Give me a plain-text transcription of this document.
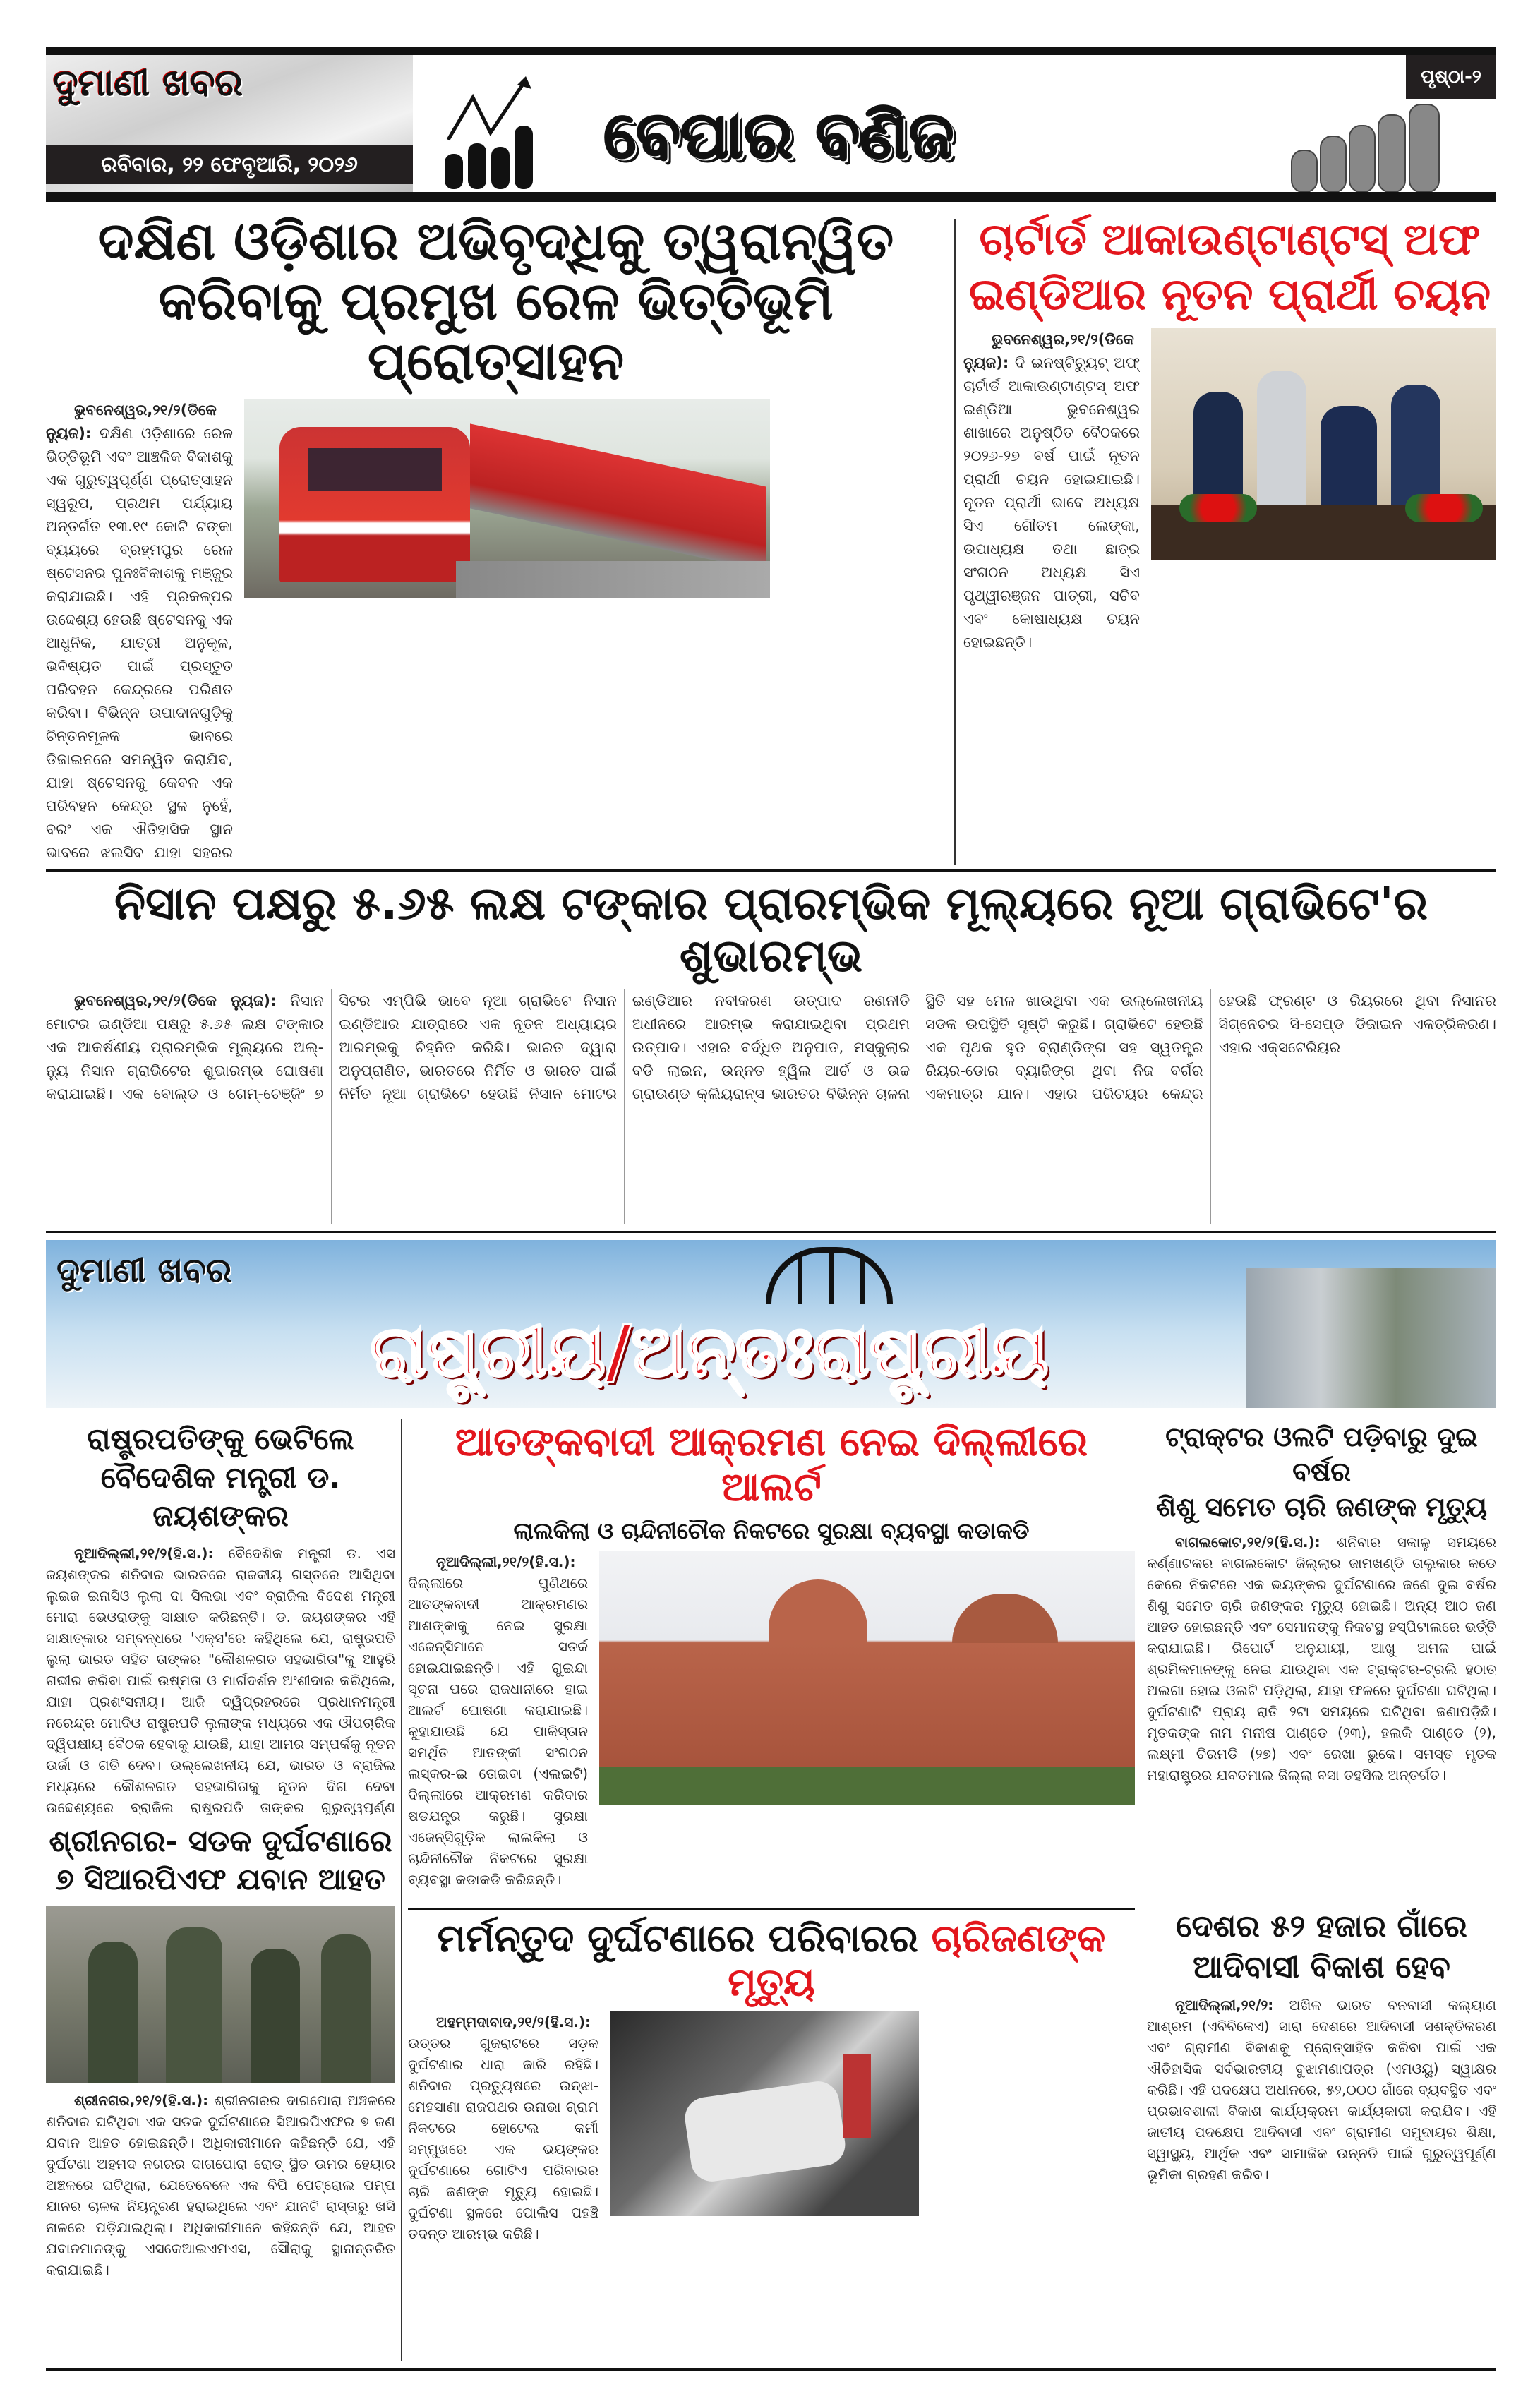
ଦୁମାଣୀ ଖବର
ରବିବାର, ୨୨ ଫେବୃଆରି, ୨୦୨୬	ବେପାର ବଣିଜ
ପୃଷ୍ଠା-୨
ଦକ୍ଷିଣ ଓଡ଼ିଶାର ଅଭିବୃଦ୍ଧିକୁ ତ୍ୱରାନ୍ୱିତ
କରିବାକୁ ପ୍ରମୁଖ ରେଳ ଭିତ୍ତିଭୂମି ପ୍ରୋତ୍ସାହନ

ଭୁବନେଶ୍ୱର,୨୧/୨(ଡିକେ ନ୍ୟୁଜ): ଦକ୍ଷିଣ ଓଡ଼ିଶାରେ ରେଳ ଭିତ୍ତିଭୂମି ଏବଂ ଆଞ୍ଚଳିକ ବିକାଶକୁ ଏକ ଗୁରୁତ୍ୱପୂର୍ଣ୍ଣ ପ୍ରୋତ୍ସାହନ ସ୍ୱରୂପ, ପ୍ରଥମ ପର୍ଯ୍ୟାୟ ଅନ୍ତର୍ଗତ ୧୩.୧୯ କୋଟି ଟଙ୍କା ବ୍ୟୟରେ ବ୍ରହ୍ମପୁର ରେଳ ଷ୍ଟେସନର ପୁନଃବିକାଶକୁ ମଞ୍ଜୁର କରାଯାଇଛି। ଏହି ପ୍ରକଳ୍ପର ଉଦ୍ଦେଶ୍ୟ ହେଉଛି ଷ୍ଟେସନକୁ ଏକ ଆଧୁନିକ, ଯାତ୍ରୀ ଅନୁକୂଳ, ଭବିଷ୍ୟତ ପାଇଁ ପ୍ରସ୍ତୁତ ପରିବହନ କେନ୍ଦ୍ରରେ ପରିଣତ କରିବା। ବିଭିନ୍ନ ଉପାଦାନଗୁଡ଼ିକୁ ଚିନ୍ତନମୂଳକ ଭାବରେ ଡିଜାଇନରେ ସମନ୍ୱିତ କରାଯିବ, ଯାହା ଷ୍ଟେସନକୁ କେବଳ ଏକ ପରିବହନ କେନ୍ଦ୍ର ସ୍ଥଳ ନୁହେଁ, ବରଂ ଏକ ଐତିହାସିକ ସ୍ଥାନ ଭାବରେ ଝଲସିବ ଯାହା ସହରର

ଚାର୍ଟାର୍ଡ ଆକାଉଣ୍ଟାଣ୍ଟସ୍ ଅଫ
ଇଣ୍ଡିଆର ନୂତନ ପ୍ରାର୍ଥୀ ଚୟନ

ଭୁବନେଶ୍ୱର,୨୧/୨(ଡିକେ ନ୍ୟୁଜ): ଦି ଇନଷ୍ଟିଚ୍ୟୁଟ୍ ଅଫ୍ ଚାର୍ଟାର୍ଡ ଆକାଉଣ୍ଟାଣ୍ଟସ୍ ଅଫ ଇଣ୍ଡିଆ ଭୁବନେଶ୍ୱର ଶାଖାରେ ଅନୁଷ୍ଠିତ ବୈଠକରେ ୨୦୨୬-୨୭ ବର୍ଷ ପାଇଁ ନୂତନ ପ୍ରାର୍ଥୀ ଚୟନ ହୋଇଯାଇଛି। ନୂତନ ପ୍ରାର୍ଥୀ ଭାବେ ଅଧ୍ୟକ୍ଷ ସିଏ ଗୌତମ ଲେଙ୍କା, ଉପାଧ୍ୟକ୍ଷ ତଥା ଛାତ୍ର ସଂଗଠନ ଅଧ୍ୟକ୍ଷ ସିଏ ପୃଥ୍ୱୀରଞ୍ଜନ ପାତ୍ରୀ, ସଚିବ ଏବଂ କୋଷାଧ୍ୟକ୍ଷ ଚୟନ ହୋଇଛନ୍ତି।

ନିସାନ ପକ୍ଷରୁ ୫.୬୫ ଲକ୍ଷ ଟଙ୍କାର ପ୍ରାରମ୍ଭିକ ମୂଲ୍ୟରେ ନୂଆ ଗ୍ରାଭିଟେ'ର ଶୁଭାରମ୍ଭ

ଭୁବନେଶ୍ୱର,୨୧/୨(ଡିକେ ନ୍ୟୁଜ): ନିସାନ ମୋଟର ଇଣ୍ଡିଆ ପକ୍ଷରୁ ୫.୬୫ ଲକ୍ଷ ଟଙ୍କାର ଏକ ଆକର୍ଷଣୀୟ ପ୍ରାରମ୍ଭିକ ମୂଲ୍ୟରେ ଅଲ୍-ନ୍ୟୁ ନିସାନ ଗ୍ରାଭିଟେର ଶୁଭାରମ୍ଭ ଘୋଷଣା କରାଯାଇଛି। ଏକ ବୋଲ୍ଡ ଓ ଗେମ୍-ଚେଞ୍ଜିଂ ୭ ସିଟର ଏମ୍‌ପିଭି ଭାବେ ନୂଆ ଗ୍ରାଭିଟେ ନିସାନ ଇଣ୍ଡିଆର ଯାତ୍ରାରେ ଏକ ନୂତନ ଅଧ୍ୟାୟର ଆରମ୍ଭକୁ ଚିହ୍ନିତ କରିଛି। ଭାରତ ଦ୍ୱାରା ଅନୁପ୍ରାଣିତ, ଭାରତରେ ନିର୍ମିତ ଓ ଭାରତ ପାଇଁ ନିର୍ମିତ ନୂଆ ଗ୍ରାଭିଟେ ହେଉଛି ନିସାନ ମୋଟର ଇଣ୍ଡିଆର ନବୀକରଣ ଉତ୍ପାଦ ରଣନୀତି ଅଧୀନରେ ଆରମ୍ଭ କରାଯାଇଥିବା ପ୍ରଥମ ଉତ୍ପାଦ। ଏହାର ବର୍ଦ୍ଧିତ ଅନୁପାତ, ମସ୍କୁଲାର ବଡି ଲାଇନ, ଉନ୍ନତ ହ୍ୱିଲ ଆର୍ଚ ଓ ଉଚ୍ଚ ଗ୍ରାଉଣ୍ଡ କ୍ଲିୟରାନ୍ସ ଭାରତର ବିଭିନ୍ନ ଚାଳନା ସ୍ଥିତି ସହ ମେଳ ଖାଉଥିବା ଏକ ଉଲ୍ଲେଖନୀୟ ସଡକ ଉପସ୍ଥିତି ସୃଷ୍ଟି କରୁଛି। ଗ୍ରାଭିଟେ ହେଉଛି ଏକ ପୃଥକ ହୁଡ ବ୍ରାଣ୍ଡିଙ୍ଗ ସହ ସ୍ୱତନ୍ତ୍ର ରିୟର-ଡୋର ବ୍ୟାଜିଙ୍ଗ ଥିବା ନିଜ ବର୍ଗର ଏକମାତ୍ର ଯାନ। ଏହାର ପରିଚୟର କେନ୍ଦ୍ର ହେଉଛି ଫ୍ରଣ୍ଟ ଓ ରିୟରରେ ଥିବା ନିସାନର ସିଗ୍ନେଚର ସି-ସେପ୍ଡ ଡିଜାଇନ ଏକତ୍ରିକରଣ। ଏହାର ଏକ୍ସଟେରିୟର

ଦୁମାଣୀ ଖବର
ରାଷ୍ଟ୍ରୀୟ/ଅନ୍ତଃରାଷ୍ଟ୍ରୀୟ
ରାଷ୍ଟ୍ରପତିଙ୍କୁ ଭେଟିଲେ
ବୈଦେଶିକ ମନ୍ତ୍ରୀ ଡ. ଜୟଶଙ୍କର

ନୂଆଦିଲ୍ଲୀ,୨୧/୨(ହି.ସ.): ବୈଦେଶିକ ମନ୍ତ୍ରୀ ଡ. ଏସ ଜୟଶଙ୍କର ଶନିବାର ଭାରତରେ ରାଜକୀୟ ଗସ୍ତରେ ଆସିଥିବା ଲୁଇଜ ଇନାସିଓ ଲୁଲା ଦା ସିଲଭା ଏବଂ ବ୍ରାଜିଲ ବିଦେଶ ମନ୍ତ୍ରୀ ମୋରା ଭେଓରାଙ୍କୁ ସାକ୍ଷାତ କରିଛନ୍ତି। ଡ. ଜୟଶଙ୍କର ଏହି ସାକ୍ଷାତ୍କାର ସମ୍ବନ୍ଧରେ 'ଏକ୍ସ'ରେ କହିଥିଲେ ଯେ, ରାଷ୍ଟ୍ରପତି ଲୁଲା ଭାରତ ସହିତ ତାଙ୍କର "କୌଶଳଗତ ସହଭାଗିତା"କୁ ଆହୁରି ଗଭୀର କରିବା ପାଇଁ ଉଷ୍ମତା ଓ ମାର୍ଗଦର୍ଶନ ଅଂଶୀଦାର କରିଥିଲେ, ଯାହା ପ୍ରଶଂସନୀୟ। ଆଜି ଦ୍ୱିପ୍ରହରରେ ପ୍ରଧାନମନ୍ତ୍ରୀ ନରେନ୍ଦ୍ର ମୋଦିଓ ରାଷ୍ଟ୍ରପତି ଲୁଲାଙ୍କ ମଧ୍ୟରେ ଏକ ଔପଚାରିକ ଦ୍ୱିପକ୍ଷୀୟ ବୈଠକ ହେବାକୁ ଯାଉଛି, ଯାହା ଆମର ସମ୍ପର୍କକୁ ନୂତନ ଉର୍ଜା ଓ ଗତି ଦେବ। ଉଲ୍ଲେଖନୀୟ ଯେ, ଭାରତ ଓ ବ୍ରାଜିଲ ମଧ୍ୟରେ କୌଶଳଗତ ସହଭାଗିତାକୁ ନୂତନ ଦିଗ ଦେବା ଉଦ୍ଦେଶ୍ୟରେ ବ୍ରାଜିଲ ରାଷ୍ଟ୍ରପତି ତାଙ୍କର ଗୁରୁତ୍ୱପୂର୍ଣ୍ଣ

ଶ୍ରୀନଗର- ସଡକ ଦୁର୍ଘଟଣାରେ
୭ ସିଆରପିଏଫ ଯବାନ ଆହତ

ଶ୍ରୀନଗର,୨୧/୨(ହି.ସ.): ଶ୍ରୀନଗରର ଦାଗପୋରା ଅଞ୍ଚଳରେ ଶନିବାର ଘଟିଥିବା ଏକ ସଡକ ଦୁର୍ଘଟଣାରେ ସିଆରପିଏଫର ୭ ଜଣ ଯବାନ ଆହତ ହୋଇଛନ୍ତି। ଅଧିକାରୀମାନେ କହିଛନ୍ତି ଯେ, ଏହି ଦୁର୍ଘଟଣା ଅହମଦ ନଗରର ଦାଗପୋରା ରୋଡ୍ ସ୍ଥିତ ଉମର ହେୟାର ଅଞ୍ଚଳରେ ଘଟିଥିଲା, ଯେତେବେଳେ ଏକ ବିପି ପେଟ୍ରୋଲ ପମ୍ପ ଯାନର ଚାଳକ ନିୟନ୍ତ୍ରଣ ହରାଇଥିଲେ ଏବଂ ଯାନଟି ରାସ୍ତାରୁ ଖସି ନାଳରେ ପଡ଼ିଯାଇଥିଲା। ଅଧିକାରୀମାନେ କହିଛନ୍ତି ଯେ, ଆହତ ଯବାନମାନଙ୍କୁ ଏସକେଆଇଏମଏସ, ସୌରାକୁ ସ୍ଥାନାନ୍ତରିତ କରାଯାଇଛି।

ଆତଙ୍କବାଦୀ ଆକ୍ରମଣ ନେଇ ଦିଲ୍ଲୀରେ ଆଲର୍ଟ
ଲାଲକିଲା ଓ ଚାନ୍ଦିନୀଚୌକ ନିକଟରେ ସୁରକ୍ଷା ବ୍ୟବସ୍ଥା କଡାକଡି

ନୂଆଦିଲ୍ଲୀ,୨୧/୨(ହି.ସ.): ଦିଲ୍ଲୀରେ ପୁଣିଥରେ ଆତଙ୍କବାଦୀ ଆକ୍ରମଣର ଆଶଙ୍କାକୁ ନେଇ ସୁରକ୍ଷା ଏଜେନ୍ସିମାନେ ସତର୍କ ହୋଇଯାଇଛନ୍ତି। ଏହି ଗୁଇନ୍ଦା ସୂଚନା ପରେ ରାଜଧାନୀରେ ହାଇ ଆଲର୍ଟ ଘୋଷଣା କରାଯାଇଛି। କୁହାଯାଉଛି ଯେ ପାକିସ୍ତାନ ସମର୍ଥିତ ଆତଙ୍କୀ ସଂଗଠନ ଲସ୍କର-ଇ ତୋଇବା (ଏଲଇଟି) ଦିଲ୍ଲୀରେ ଆକ୍ରମଣ କରିବାର ଷଡଯନ୍ତ୍ର କରୁଛି। ସୁରକ୍ଷା ଏଜେନ୍ସିଗୁଡ଼ିକ ଲାଲକିଲା ଓ ଚାନ୍ଦିନୀଚୌକ ନିକଟରେ ସୁରକ୍ଷା ବ୍ୟବସ୍ଥା କଡାକଡି କରିଛନ୍ତି।

ମର୍ମନ୍ତୁଦ ଦୁର୍ଘଟଣାରେ ପରିବାରର ଚାରିଜଣଙ୍କ ମୃତ୍ୟୁ

ଅହମ୍ମଦାବାଦ,୨୧/୨(ହି.ସ.): ଉତ୍ତର ଗୁଜରାଟରେ ସଡ଼କ ଦୁର୍ଘଟଣାର ଧାରା ଜାରି ରହିଛି। ଶନିବାର ପ୍ରତ୍ୟୁଷରେ ଉନ୍‌ଝା-ମେହସାଣା ରାଜପଥର ଉନାଭା ଗ୍ରାମ ନିକଟରେ ହୋଟେଲ କର୍ମୀ ସମ୍ମୁଖରେ ଏକ ଭୟଙ୍କର ଦୁର୍ଘଟଣାରେ ଗୋଟିଏ ପରିବାରର ଚାରି ଜଣଙ୍କ ମୃତ୍ୟୁ ହୋଇଛି। ଦୁର୍ଘଟଣା ସ୍ଥଳରେ ପୋଲିସ ପହଞ୍ଚି ତଦନ୍ତ ଆରମ୍ଭ କରିଛି।

ଟ୍ରାକ୍ଟର ଓଲଟି ପଡ଼ିବାରୁ ଦୁଇ ବର୍ଷର
ଶିଶୁ ସମେତ ଚାରି ଜଣଙ୍କ ମୃତ୍ୟୁ

ବାଗଲକୋଟ,୨୧/୨(ହି.ସ.): ଶନିବାର ସକାଳୁ ସମୟରେ କର୍ଣ୍ଣାଟକର ବାଗଲକୋଟ ଜିଲ୍ଲାର ଜାମଖଣ୍ଡି ତାଲୁକାର କଡେ କେରେ ନିକଟରେ ଏକ ଭୟଙ୍କର ଦୁର୍ଘଟଣାରେ ଜଣେ ଦୁଇ ବର୍ଷର ଶିଶୁ ସମେତ ଚାରି ଜଣଙ୍କର ମୃତ୍ୟୁ ହୋଇଛି। ଅନ୍ୟ ଆଠ ଜଣ ଆହତ ହୋଇଛନ୍ତି ଏବଂ ସେମାନଙ୍କୁ ନିକଟସ୍ଥ ହସ୍ପିଟାଲରେ ଭର୍ତ୍ତି କରାଯାଇଛି। ରିପୋର୍ଟ ଅନୁଯାୟୀ, ଆଖୁ ଅମଳ ପାଇଁ ଶ୍ରମିକମାନଙ୍କୁ ନେଇ ଯାଉଥିବା ଏକ ଟ୍ରାକ୍ଟର-ଟ୍ରଲି ହଠାତ୍ ଅଲଗା ହୋଇ ଓଲଟି ପଡ଼ିଥିଲା, ଯାହା ଫଳରେ ଦୁର୍ଘଟଣା ଘଟିଥିଲା। ଦୁର୍ଘଟଣାଟି ପ୍ରାୟ ରାତି ୨ଟା ସମୟରେ ଘଟିଥିବା ଜଣାପଡ଼ିଛି। ମୃତକଙ୍କ ନାମ ମନୀଷ ପାଣ୍ଡେ (୨୩), ହଲକି ପାଣ୍ଡେ (୨), ଲକ୍ଷ୍ମୀ ଚିରମଡି (୨୭) ଏବଂ ରେଖା ଭୁକେ। ସମସ୍ତ ମୃତକ ମହାରାଷ୍ଟ୍ରର ଯବତମାଲ ଜିଲ୍ଲା ବସା ତହସିଲ ଅନ୍ତର୍ଗତ।

ଦେଶର ୫୨ ହଜାର ଗାଁରେ
ଆଦିବାସୀ ବିକାଶ ହେବ

ନୂଆଦିଲ୍ଲୀ,୨୧/୨: ଅଖିଳ ଭାରତ ବନବାସୀ କଲ୍ୟାଣ ଆଶ୍ରମ (ଏବିବିକେଏ) ସାରା ଦେଶରେ ଆଦିବାସୀ ସଶକ୍ତିକରଣ ଏବଂ ଗ୍ରାମୀଣ ବିକାଶକୁ ପ୍ରୋତ୍ସାହିତ କରିବା ପାଇଁ ଏକ ଐତିହାସିକ ସର୍ବଭାରତୀୟ ବୁଝାମଣାପତ୍ର (ଏମଓୟୁ) ସ୍ୱାକ୍ଷର କରିଛି। ଏହି ପଦକ୍ଷେପ ଅଧୀନରେ, ୫୨,୦୦୦ ଗାଁରେ ବ୍ୟବସ୍ଥିତ ଏବଂ ପ୍ରଭାବଶାଳୀ ବିକାଶ କାର୍ଯ୍ୟକ୍ରମ କାର୍ଯ୍ୟକାରୀ କରାଯିବ। ଏହି ଜାତୀୟ ପଦକ୍ଷେପ ଆଦିବାସୀ ଏବଂ ଗ୍ରାମୀଣ ସମୁଦାୟର ଶିକ୍ଷା, ସ୍ୱାସ୍ଥ୍ୟ, ଆର୍ଥିକ ଏବଂ ସାମାଜିକ ଉନ୍ନତି ପାଇଁ ଗୁରୁତ୍ୱପୂର୍ଣ୍ଣ ଭୂମିକା ଗ୍ରହଣ କରିବ।
